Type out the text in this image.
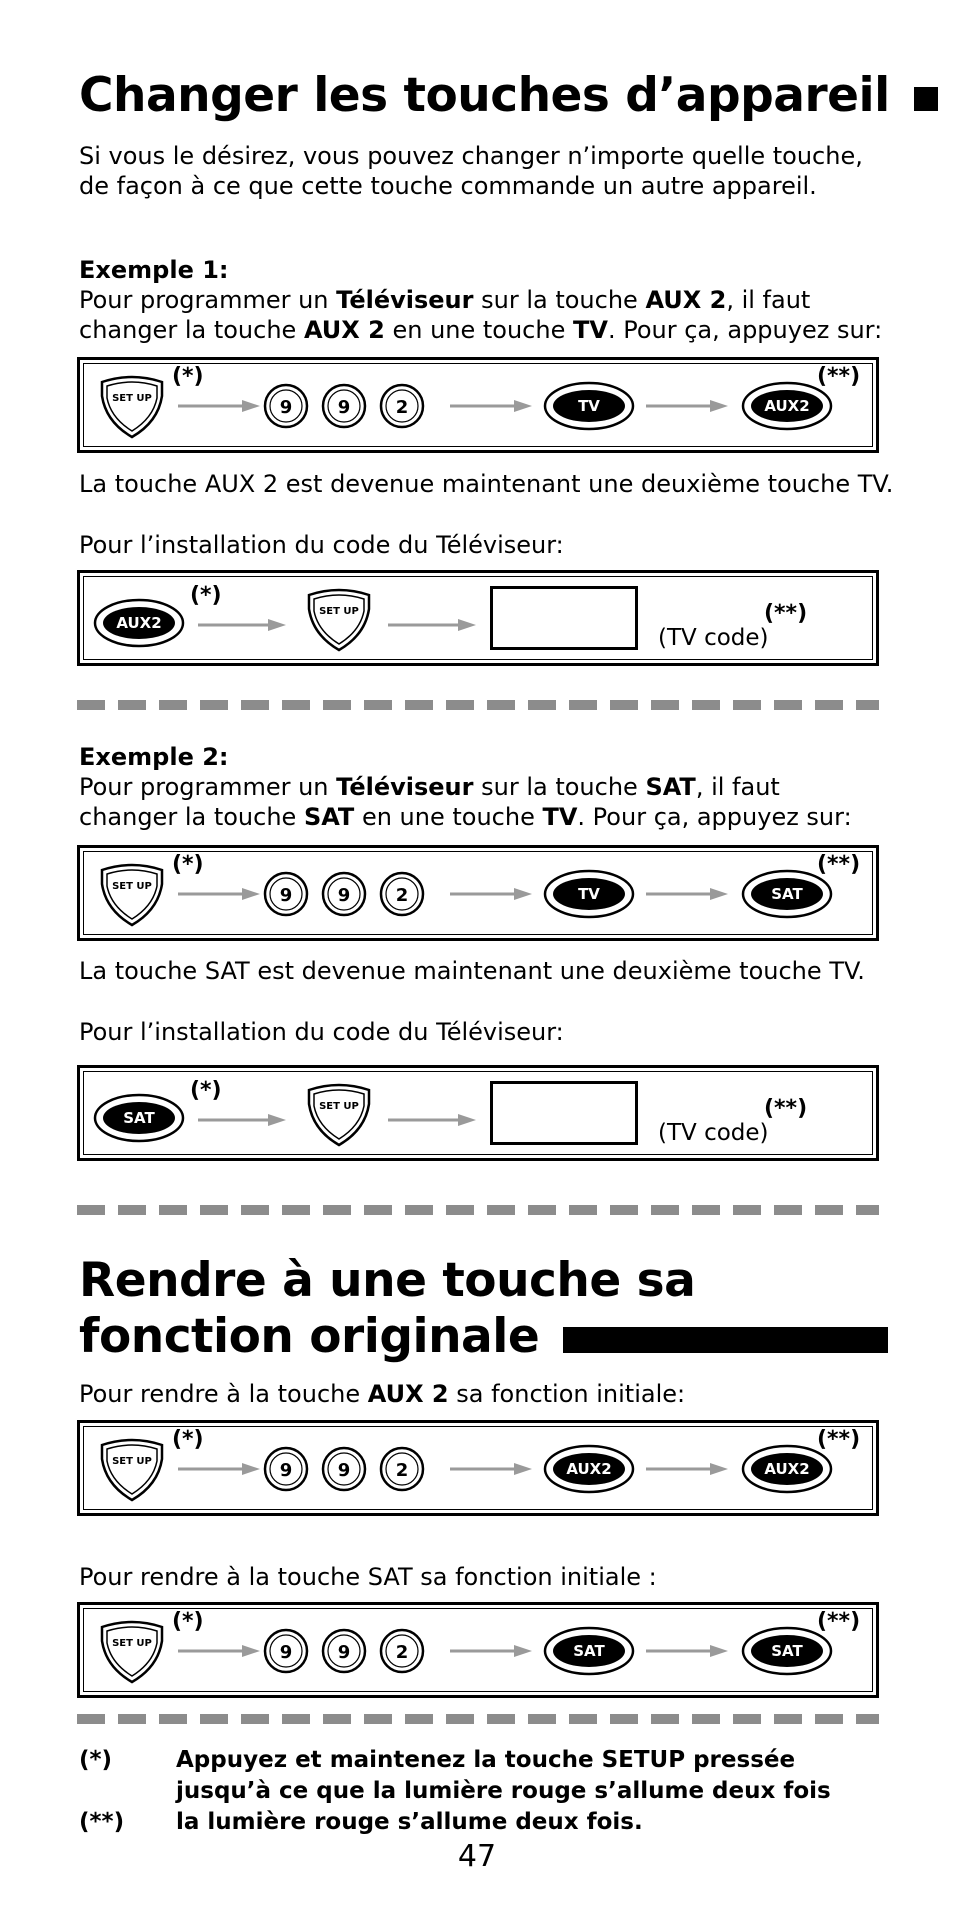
Changer les touches d’appareil
Si vous le désirez, vous pouvez changer n’importe quelle touche,
de façon à ce que cette touche commande un autre appareil.
Exemple 1:
Pour programmer un Téléviseur sur la touche AUX 2, il faut
changer la touche AUX 2 en une touche TV. Pour ça, appuyez sur:
SET UP
(*)
9	9	2	TV	AUX2
(**)
La touche AUX 2 est devenue maintenant une deuxième touche TV.
Pour l’installation du code du Téléviseur:
AUX2
(*)
SET UP
(TV code)
(**)
Exemple 2:
Pour programmer un Téléviseur sur la touche SAT, il faut
changer la touche SAT en une touche TV. Pour ça, appuyez sur:
SET UP
(*)
9	9	2	TV	SAT
(**)
La touche SAT est devenue maintenant une deuxième touche TV.
Pour l’installation du code du Téléviseur:
SAT
(*)
SET UP
(TV code)
(**)
Rendre à une touche sa
fonction originale
Pour rendre à la touche AUX 2 sa fonction initiale:
SET UP
(*)
9	9	2	AUX2	AUX2
(**)
Pour rendre à la touche SAT sa fonction initiale :
SET UP
(*)
9	9	2	SAT	SAT
(**)
(*)	Appuyez et maintenez la touche SETUP pressée
jusqu’à ce que la lumière rouge s’allume deux fois
(**) la lumière rouge s’allume deux fois.
47
